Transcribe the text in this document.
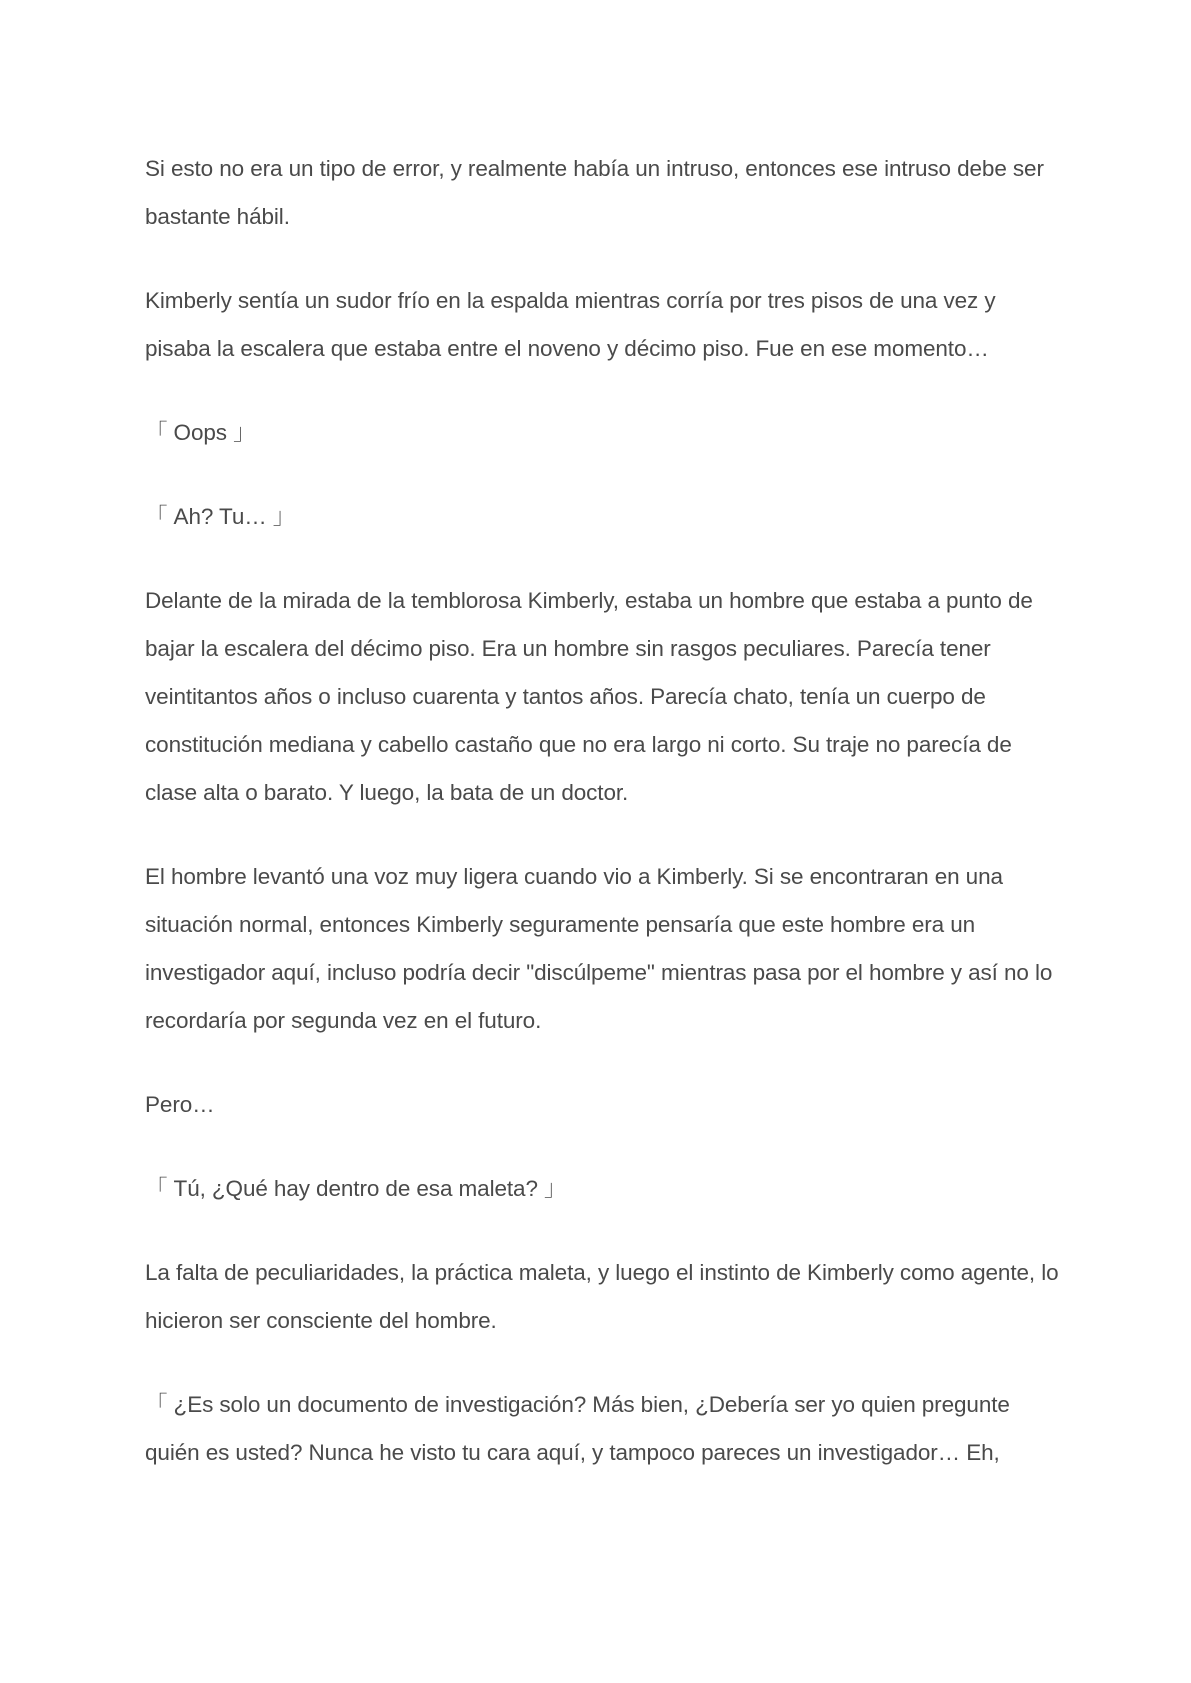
Si esto no era un tipo de error, y realmente había un intruso, entonces ese intruso debe ser bastante hábil.

Kimberly sentía un sudor frío en la espalda mientras corría por tres pisos de una vez y pisaba la escalera que estaba entre el noveno y décimo piso. Fue en ese momento…

「 Oops 」

「 Ah? Tu… 」

Delante de la mirada de la temblorosa Kimberly, estaba un hombre que estaba a punto de bajar la escalera del décimo piso. Era un hombre sin rasgos peculiares. Parecía tener veintitantos años o incluso cuarenta y tantos años. Parecía chato, tenía un cuerpo de constitución mediana y cabello castaño que no era largo ni corto. Su traje no parecía de clase alta o barato. Y luego, la bata de un doctor.

El hombre levantó una voz muy ligera cuando vio a Kimberly. Si se encontraran en una situación normal, entonces Kimberly seguramente pensaría que este hombre era un investigador aquí, incluso podría decir "discúlpeme" mientras pasa por el hombre y así no lo recordaría por segunda vez en el futuro.

Pero…

「 Tú, ¿Qué hay dentro de esa maleta? 」

La falta de peculiaridades, la práctica maleta, y luego el instinto de Kimberly como agente, lo hicieron ser consciente del hombre.

「 ¿Es solo un documento de investigación? Más bien, ¿Debería ser yo quien pregunte quién es usted? Nunca he visto tu cara aquí, y tampoco pareces un investigador… Eh,
